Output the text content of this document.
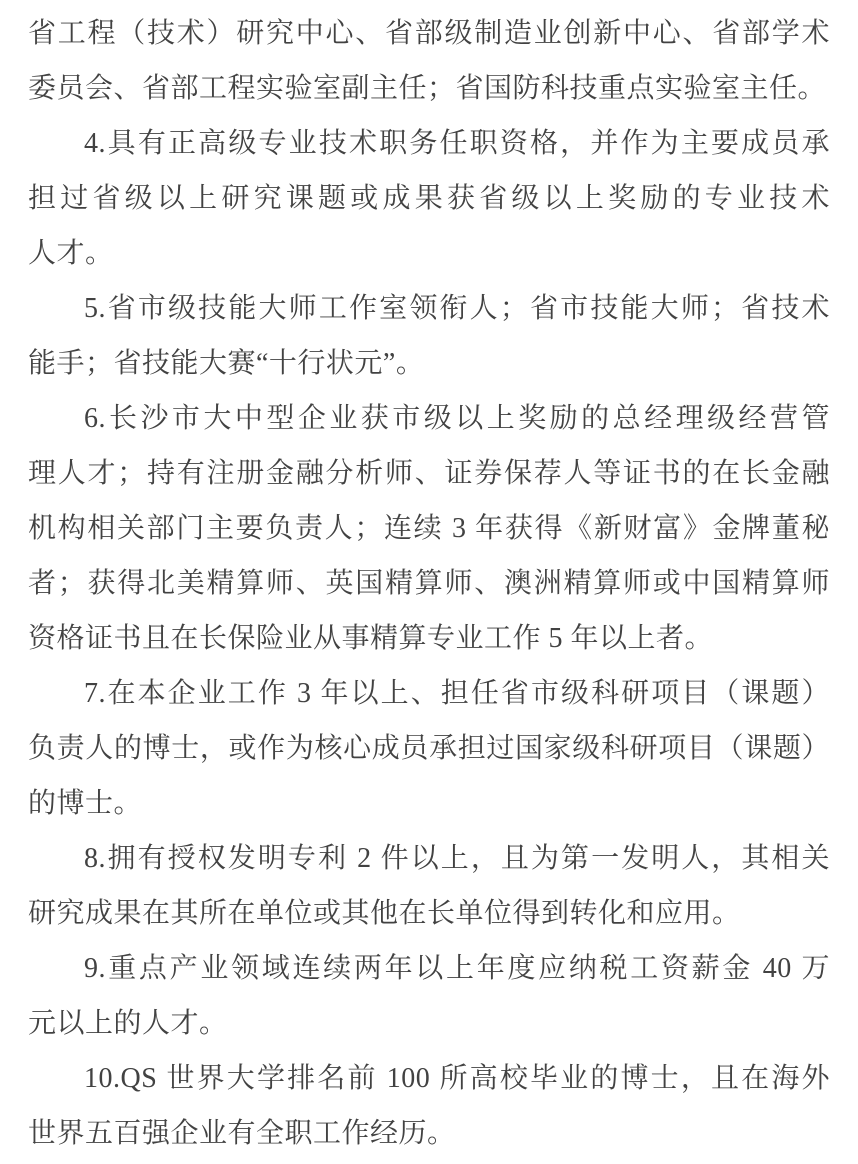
省工程（技术）研究中心、省部级制造业创新中心、省部学术
委员会、省部工程实验室副主任；省国防科技重点实验室主任。
4.具有正高级专业技术职务任职资格，并作为主要成员承
担过省级以上研究课题或成果获省级以上奖励的专业技术
人才。
5.省市级技能大师工作室领衔人；省市技能大师；省技术
能手；省技能大赛“十行状元”。
6.长沙市大中型企业获市级以上奖励的总经理级经营管
理人才；持有注册金融分析师、证券保荐人等证书的在长金融
机构相关部门主要负责人；连续 3 年获得《新财富》金牌董秘
者；获得北美精算师、英国精算师、澳洲精算师或中国精算师
资格证书且在长保险业从事精算专业工作 5 年以上者。
7.在本企业工作 3 年以上、担任省市级科研项目（课题）
负责人的博士，或作为核心成员承担过国家级科研项目（课题）
的博士。
8.拥有授权发明专利 2 件以上，且为第一发明人，其相关
研究成果在其所在单位或其他在长单位得到转化和应用。
9.重点产业领域连续两年以上年度应纳税工资薪金 40 万
元以上的人才。
10.QS 世界大学排名前 100 所高校毕业的博士，且在海外
世界五百强企业有全职工作经历。
